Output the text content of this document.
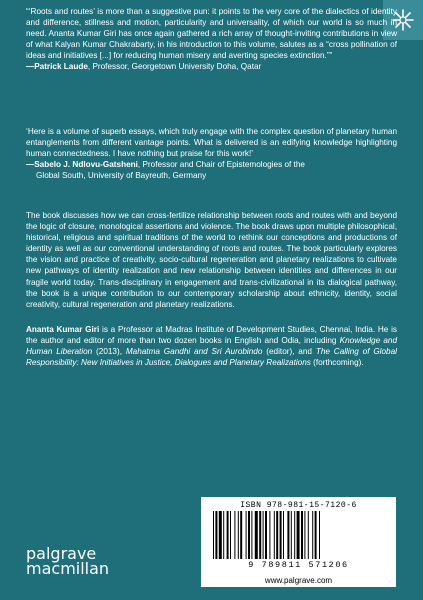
“‘Roots and routes’ is more than a suggestive pun: it points to the very core of the dialectics of identity and difference, stillness and motion, particularity and universality, of which our world is so much in need. Ananta Kumar Giri has once again gathered a rich array of thought-inviting contributions in view of what Kalyan Kumar Chakrabarty, in his introduction to this volume, salutes as a “cross pollination of ideas and initiatives [...] for reducing human misery and averting species extinction.””

—Patrick Laude, Professor, Georgetown University Doha, Qatar

‘Here is a volume of superb essays, which truly engage with the complex question of planetary human entanglements from different vantage points. What is delivered is an edifying knowledge highlighting human connectedness. I have nothing but praise for this work!’

—Sabelo J. Ndlovu-Gatsheni, Professor and Chair of Epistemologies of the
Global South, University of Bayreuth, Germany

The book discusses how we can cross-fertilize relationship between roots and routes with and beyond the logic of closure, monological assertions and violence. The book draws upon multiple philosophical, historical, religious and spiritual traditions of the world to rethink our conceptions and productions of identity as well as our conventional understanding of roots and routes. The book particularly explores the vision and practice of creativity, socio-cultural regeneration and planetary realizations to cultivate new pathways of identity realization and new relationship between identities and differences in our fragile world today. Trans-disciplinary in engagement and trans-civilizational in its dialogical pathway, the book is a unique contribution to our contemporary scholarship about ethnicity, identity, social creativity, cultural regeneration and planetary realizations.

Ananta Kumar Giri is a Professor at Madras Institute of Development Studies, Chennai, India. He is the author and editor of more than two dozen books in English and Odia, including Knowledge and Human Liberation (2013), Mahatma Gandhi and Sri Aurobindo (editor), and The Calling of Global Responsibility: New Initiatives in Justice, Dialogues and Planetary Realizations (forthcoming).

palgrave
macmillan
ISBN 978-981-15-7120-6
9 789811 571206
www.palgrave.com
